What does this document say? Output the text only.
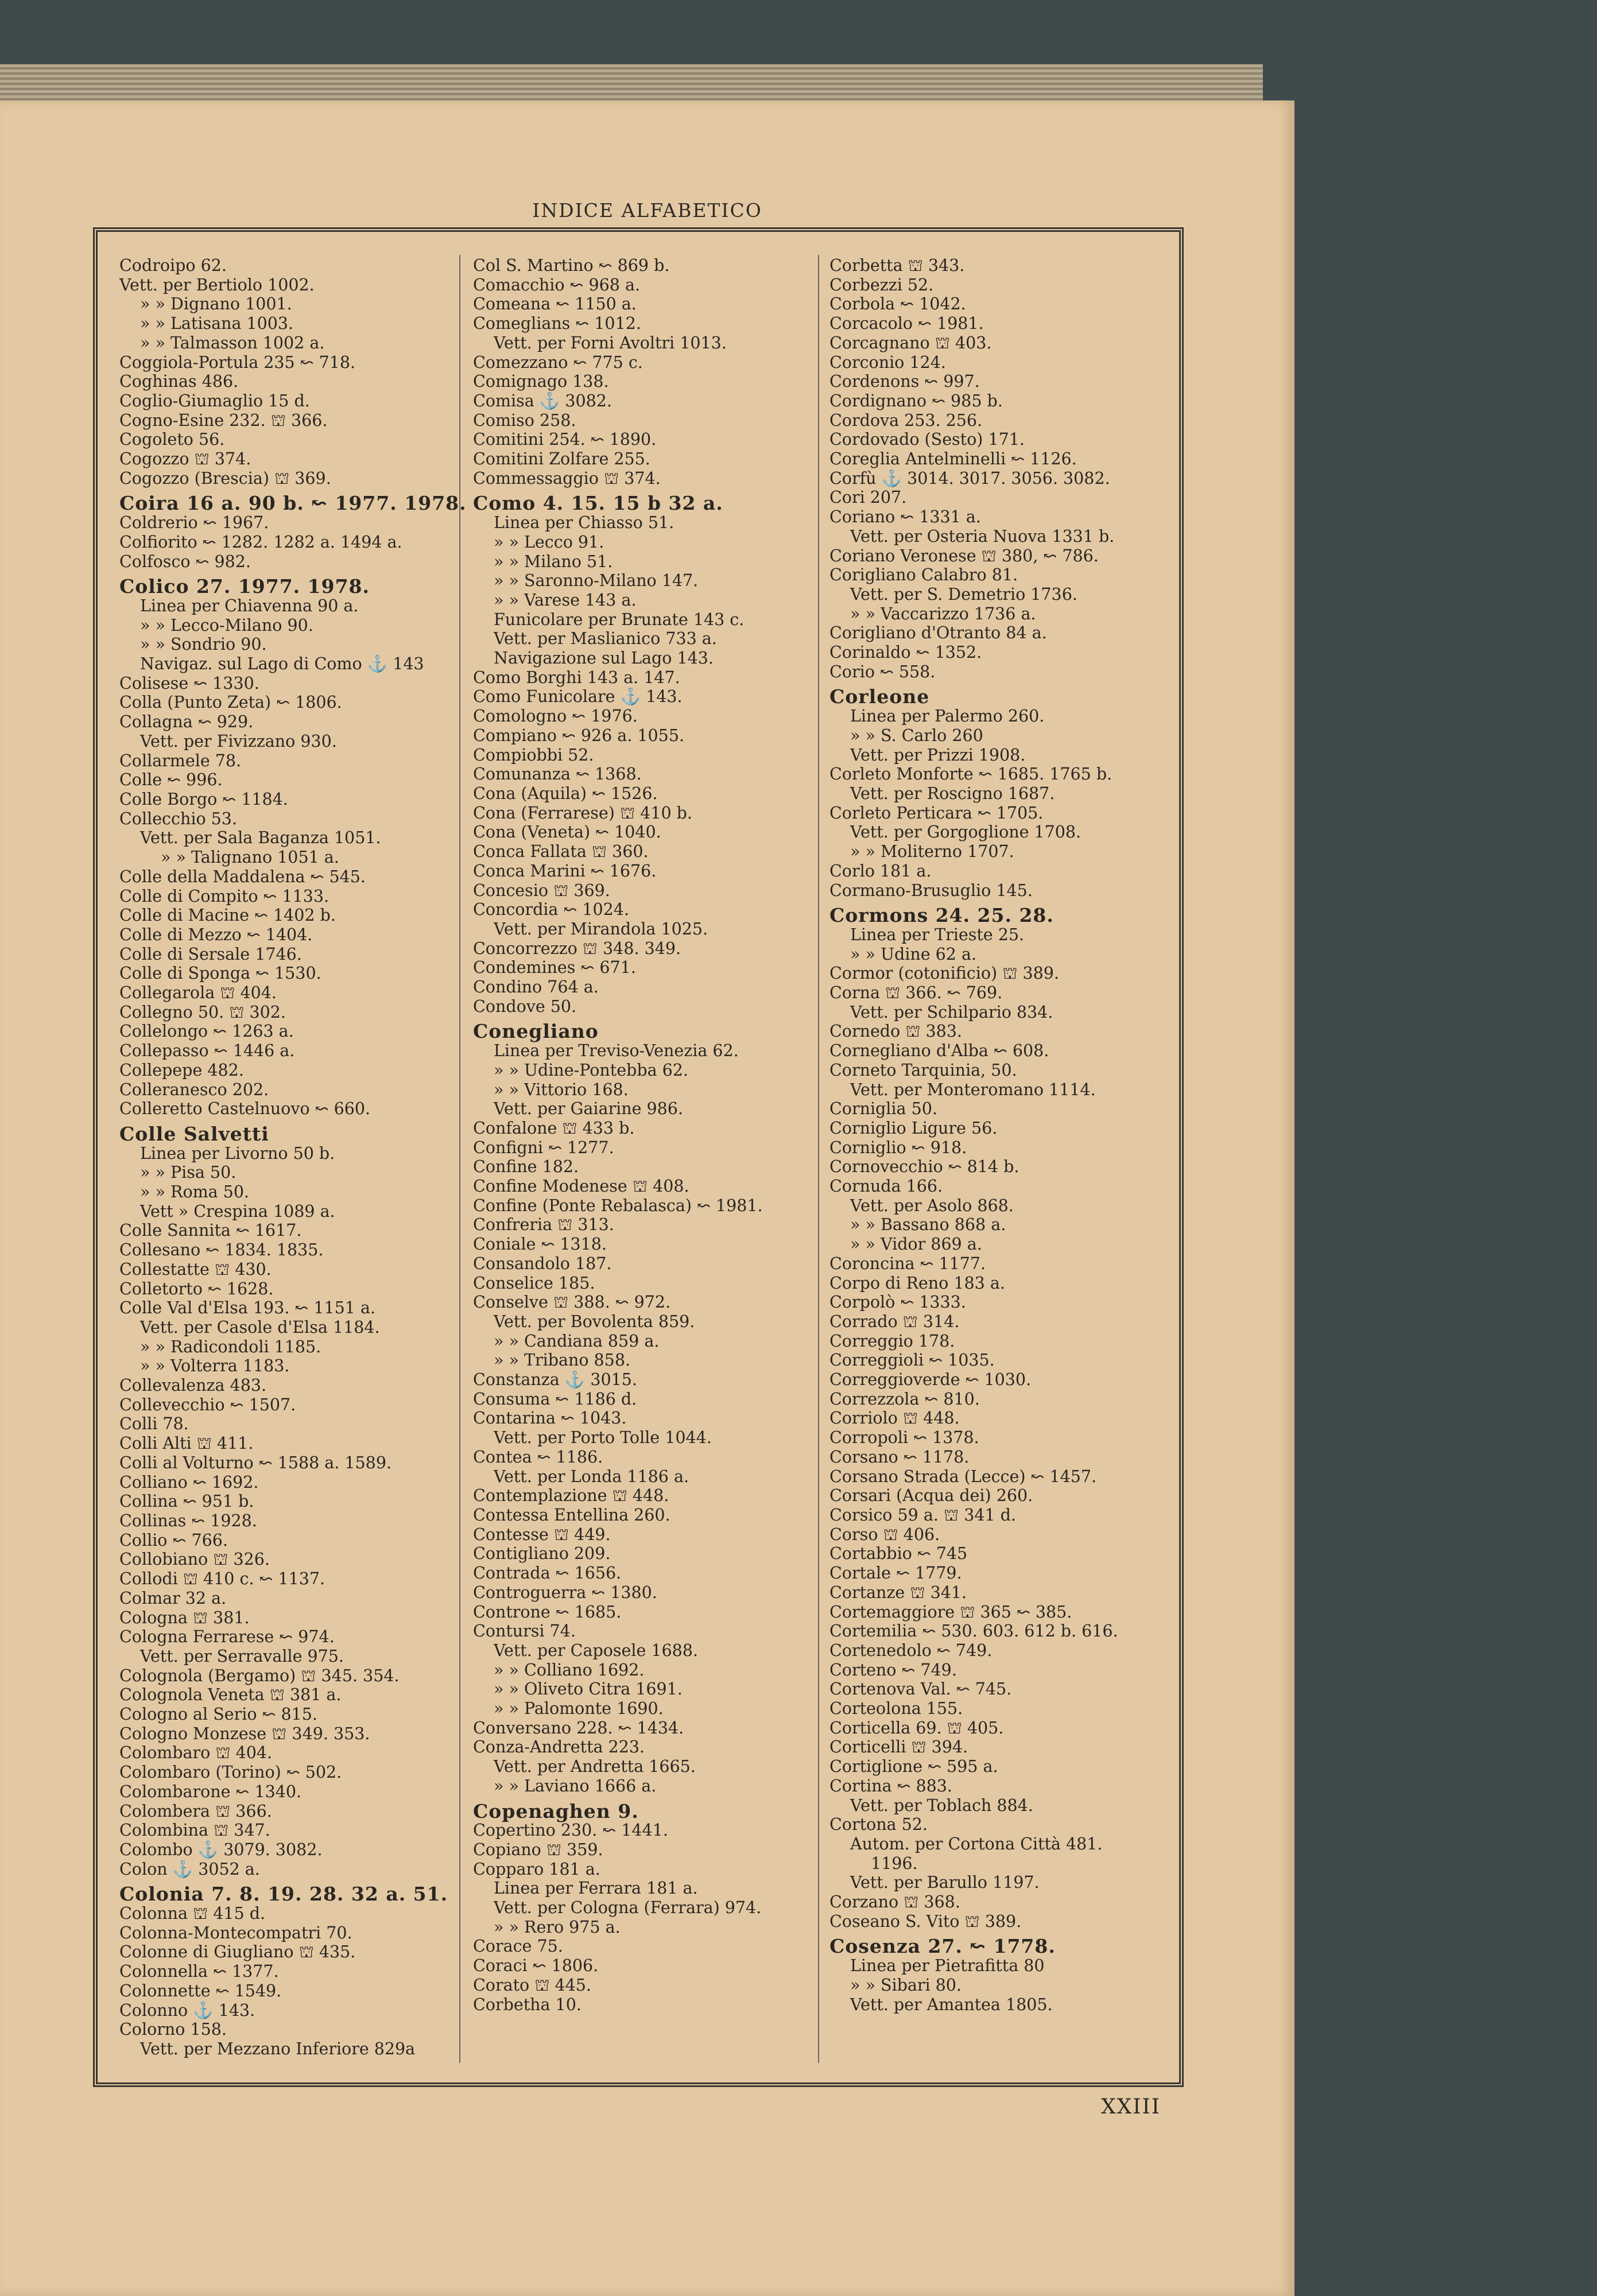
INDICE ALFABETICO
Codroipo 62.
Vett. per Bertiolo 1002.
» » Dignano 1001.
» » Latisana 1003.
» » Talmasson 1002 a.
Coggiola-Portula 235 ↜ 718.
Coghinas 486.
Coglio-Giumaglio 15 d.
Cogno-Esine 232. ⛫ 366.
Cogoleto 56.
Cogozzo ⛫ 374.
Cogozzo (Brescia) ⛫ 369.
Coira 16 a. 90 b. ↜ 1977. 1978.
Coldrerio ↜ 1967.
Colfiorito ↜ 1282. 1282 a. 1494 a.
Colfosco ↜ 982.
Colico 27. 1977. 1978.
Linea per Chiavenna 90 a.
» » Lecco-Milano 90.
» » Sondrio 90.
Navigaz. sul Lago di Como ⚓ 143
Colisese ↜ 1330.
Colla (Punto Zeta) ↜ 1806.
Collagna ↜ 929.
Vett. per Fivizzano 930.
Collarmele 78.
Colle ↜ 996.
Colle Borgo ↜ 1184.
Collecchio 53.
Vett. per Sala Baganza 1051.
» » Talignano 1051 a.
Colle della Maddalena ↜ 545.
Colle di Compito ↜ 1133.
Colle di Macine ↜ 1402 b.
Colle di Mezzo ↜ 1404.
Colle di Sersale 1746.
Colle di Sponga ↜ 1530.
Collegarola ⛫ 404.
Collegno 50. ⛫ 302.
Collelongo ↜ 1263 a.
Collepasso ↜ 1446 a.
Collepepe 482.
Colleranesco 202.
Colleretto Castelnuovo ↜ 660.
Colle Salvetti
Linea per Livorno 50 b.
» » Pisa 50.
» » Roma 50.
Vett » Crespina 1089 a.
Colle Sannita ↜ 1617.
Collesano ↜ 1834. 1835.
Collestatte ⛫ 430.
Colletorto ↜ 1628.
Colle Val d'Elsa 193. ↜ 1151 a.
Vett. per Casole d'Elsa 1184.
» » Radicondoli 1185.
» » Volterra 1183.
Collevalenza 483.
Collevecchio ↜ 1507.
Colli 78.
Colli Alti ⛫ 411.
Colli al Volturno ↜ 1588 a. 1589.
Colliano ↜ 1692.
Collina ↜ 951 b.
Collinas ↜ 1928.
Collio ↜ 766.
Collobiano ⛫ 326.
Collodi ⛫ 410 c. ↜ 1137.
Colmar 32 a.
Cologna ⛫ 381.
Cologna Ferrarese ↜ 974.
Vett. per Serravalle 975.
Colognola (Bergamo) ⛫ 345. 354.
Colognola Veneta ⛫ 381 a.
Cologno al Serio ↜ 815.
Cologno Monzese ⛫ 349. 353.
Colombaro ⛫ 404.
Colombaro (Torino) ↜ 502.
Colombarone ↜ 1340.
Colombera ⛫ 366.
Colombina ⛫ 347.
Colombo ⚓ 3079. 3082.
Colon ⚓ 3052 a.
Colonia 7. 8. 19. 28. 32 a. 51.
Colonna ⛫ 415 d.
Colonna-Montecompatri 70.
Colonne di Giugliano ⛫ 435.
Colonnella ↜ 1377.
Colonnette ↜ 1549.
Colonno ⚓ 143.
Colorno 158.
Vett. per Mezzano Inferiore 829a
Col S. Martino ↜ 869 b.
Comacchio ↜ 968 a.
Comeana ↜ 1150 a.
Comeglians ↜ 1012.
Vett. per Forni Avoltri 1013.
Comezzano ↜ 775 c.
Comignago 138.
Comisa ⚓ 3082.
Comiso 258.
Comitini 254. ↜ 1890.
Comitini Zolfare 255.
Commessaggio ⛫ 374.
Como 4. 15. 15 b 32 a.
Linea per Chiasso 51.
» » Lecco 91.
» » Milano 51.
» » Saronno-Milano 147.
» » Varese 143 a.
Funicolare per Brunate 143 c.
Vett. per Maslianico 733 a.
Navigazione sul Lago 143.
Como Borghi 143 a. 147.
Como Funicolare ⚓ 143.
Comologno ↜ 1976.
Compiano ↜ 926 a. 1055.
Compiobbi 52.
Comunanza ↜ 1368.
Cona (Aquila) ↜ 1526.
Cona (Ferrarese) ⛫ 410 b.
Cona (Veneta) ↜ 1040.
Conca Fallata ⛫ 360.
Conca Marini ↜ 1676.
Concesio ⛫ 369.
Concordia ↜ 1024.
Vett. per Mirandola 1025.
Concorrezzo ⛫ 348. 349.
Condemines ↜ 671.
Condino 764 a.
Condove 50.
Conegliano
Linea per Treviso-Venezia 62.
» » Udine-Pontebba 62.
» » Vittorio 168.
Vett. per Gaiarine 986.
Confalone ⛫ 433 b.
Configni ↜ 1277.
Confine 182.
Confine Modenese ⛫ 408.
Confine (Ponte Rebalasca) ↜ 1981.
Confreria ⛫ 313.
Coniale ↜ 1318.
Consandolo 187.
Conselice 185.
Conselve ⛫ 388. ↜ 972.
Vett. per Bovolenta 859.
» » Candiana 859 a.
» » Tribano 858.
Constanza ⚓ 3015.
Consuma ↜ 1186 d.
Contarina ↜ 1043.
Vett. per Porto Tolle 1044.
Contea ↜ 1186.
Vett. per Londa 1186 a.
Contemplazione ⛫ 448.
Contessa Entellina 260.
Contesse ⛫ 449.
Contigliano 209.
Contrada ↜ 1656.
Controguerra ↜ 1380.
Controne ↜ 1685.
Contursi 74.
Vett. per Caposele 1688.
» » Colliano 1692.
» » Oliveto Citra 1691.
» » Palomonte 1690.
Conversano 228. ↜ 1434.
Conza-Andretta 223.
Vett. per Andretta 1665.
» » Laviano 1666 a.
Copenaghen 9.
Copertino 230. ↜ 1441.
Copiano ⛫ 359.
Copparo 181 a.
Linea per Ferrara 181 a.
Vett. per Cologna (Ferrara) 974.
» » Rero 975 a.
Corace 75.
Coraci ↜ 1806.
Corato ⛫ 445.
Corbetha 10.
Corbetta ⛫ 343.
Corbezzi 52.
Corbola ↜ 1042.
Corcacolo ↜ 1981.
Corcagnano ⛫ 403.
Corconio 124.
Cordenons ↜ 997.
Cordignano ↜ 985 b.
Cordova 253. 256.
Cordovado (Sesto) 171.
Coreglia Antelminelli ↜ 1126.
Corfù ⚓ 3014. 3017. 3056. 3082.
Cori 207.
Coriano ↜ 1331 a.
Vett. per Osteria Nuova 1331 b.
Coriano Veronese ⛫ 380, ↜ 786.
Corigliano Calabro 81.
Vett. per S. Demetrio 1736.
» » Vaccarizzo 1736 a.
Corigliano d'Otranto 84 a.
Corinaldo ↜ 1352.
Corio ↜ 558.
Corleone
Linea per Palermo 260.
» » S. Carlo 260
Vett. per Prizzi 1908.
Corleto Monforte ↜ 1685. 1765 b.
Vett. per Roscigno 1687.
Corleto Perticara ↜ 1705.
Vett. per Gorgoglione 1708.
» » Moliterno 1707.
Corlo 181 a.
Cormano-Brusuglio 145.
Cormons 24. 25. 28.
Linea per Trieste 25.
» » Udine 62 a.
Cormor (cotonificio) ⛫ 389.
Corna ⛫ 366. ↜ 769.
Vett. per Schilpario 834.
Cornedo ⛫ 383.
Cornegliano d'Alba ↜ 608.
Corneto Tarquinia, 50.
Vett. per Monteromano 1114.
Corniglia 50.
Corniglio Ligure 56.
Corniglio ↜ 918.
Cornovecchio ↜ 814 b.
Cornuda 166.
Vett. per Asolo 868.
» » Bassano 868 a.
» » Vidor 869 a.
Coroncina ↜ 1177.
Corpo di Reno 183 a.
Corpolò ↜ 1333.
Corrado ⛫ 314.
Correggio 178.
Correggioli ↜ 1035.
Correggioverde ↜ 1030.
Correzzola ↜ 810.
Corriolo ⛫ 448.
Corropoli ↜ 1378.
Corsano ↜ 1178.
Corsano Strada (Lecce) ↜ 1457.
Corsari (Acqua dei) 260.
Corsico 59 a. ⛫ 341 d.
Corso ⛫ 406.
Cortabbio ↜ 745
Cortale ↜ 1779.
Cortanze ⛫ 341.
Cortemaggiore ⛫ 365 ↜ 385.
Cortemilia ↜ 530. 603. 612 b. 616.
Cortenedolo ↜ 749.
Corteno ↜ 749.
Cortenova Val. ↜ 745.
Corteolona 155.
Corticella 69. ⛫ 405.
Corticelli ⛫ 394.
Cortiglione ↜ 595 a.
Cortina ↜ 883.
Vett. per Toblach 884.
Cortona 52.
Autom. per Cortona Città 481.
1196.
Vett. per Barullo 1197.
Corzano ⛫ 368.
Coseano S. Vito ⛫ 389.
Cosenza 27. ↜ 1778.
Linea per Pietrafitta 80
» » Sibari 80.
Vett. per Amantea 1805.
XXIII
